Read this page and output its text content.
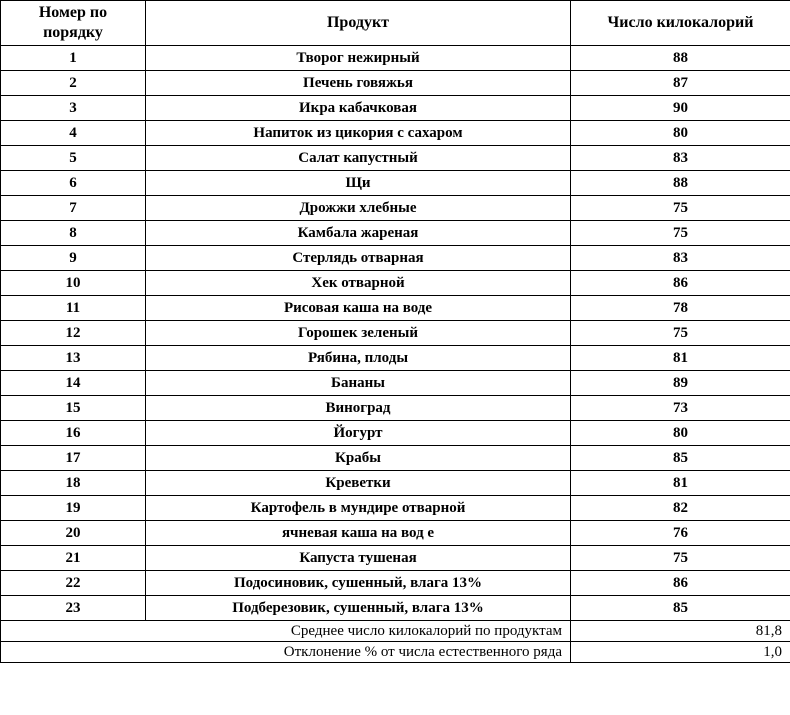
Номер по порядку	Продукт	Число килокалорий
1	Творог нежирный	88
2	Печень говяжья	87
3	Икра кабачковая	90
4	Напиток из цикория с сахаром	80
5	Салат капустный	83
6	Щи	88
7	Дрожжи хлебные	75
8	Камбала жареная	75
9	Стерлядь отварная	83
10	Хек отварной	86
11	Рисовая каша на воде	78
12	Горошек зеленый	75
13	Рябина, плоды	81
14	Бананы	89
15	Виноград	73
16	Йогурт	80
17	Крабы	85
18	Креветки	81
19	Картофель в мундире отварной	82
20	ячневая каша на вод е	76
21	Капуста тушеная	75
22	Подосиновик, сушенный, влага 13%	86
23	Подберезовик, сушенный, влага 13%	85
Среднее число килокалорий по продуктам		81,8
Отклонение % от числа естественного ряда		1,0
